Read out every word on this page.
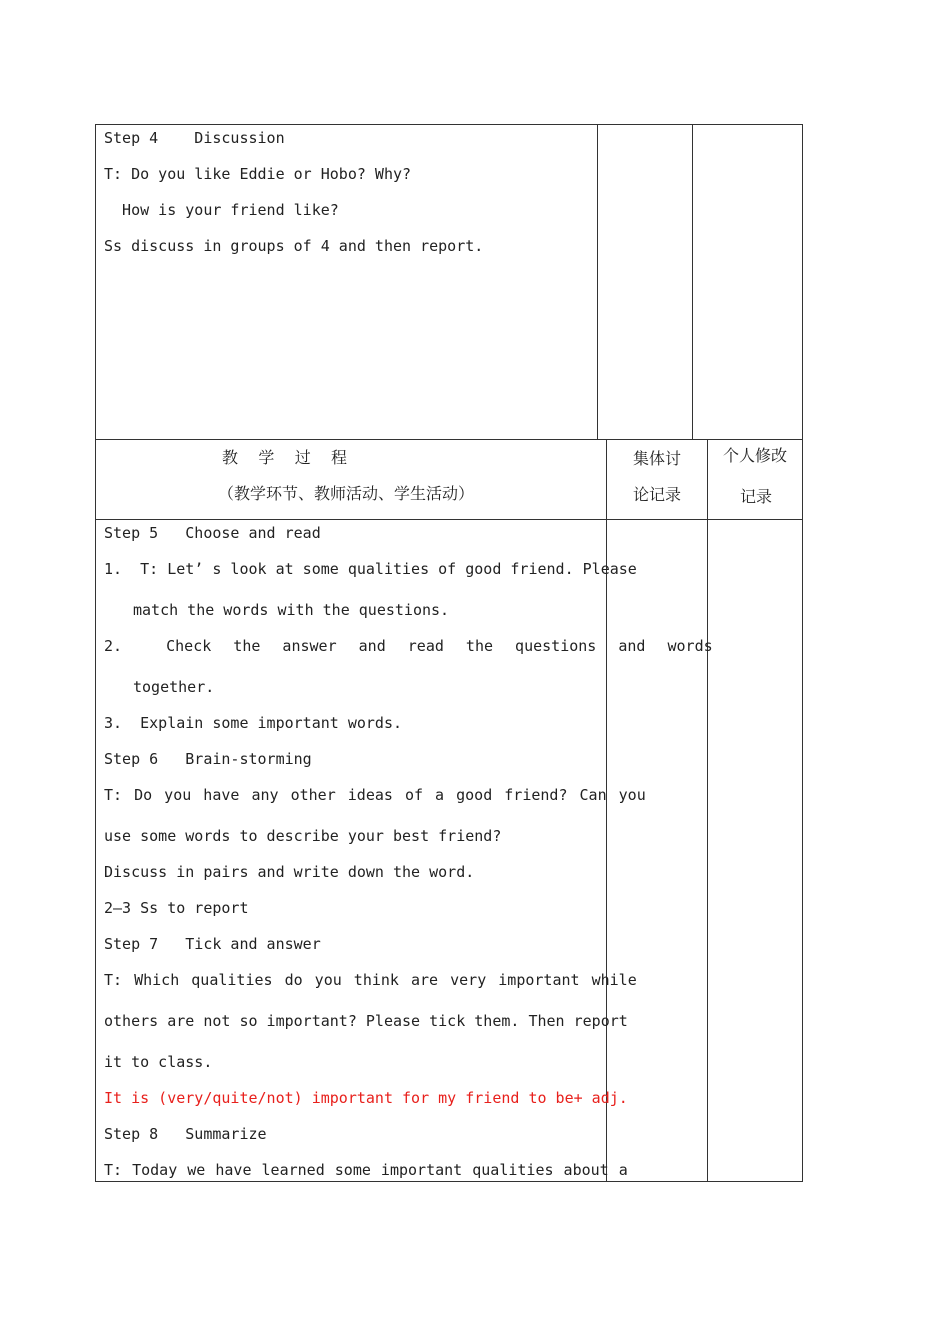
Step 4    Discussion
T: Do you like Eddie or Hobo? Why?
How is your friend like?
Ss discuss in groups of 4 and then report.
教    学    过    程
（教学环节、教师活动、学生活动）
集体讨
论记录
个人修改
记录
Step 5   Choose and read
1.  T: Let’ s look at some qualities of good friend. Please
match the words with the questions.
2.  Check the answer and read the questions and words
together.
3.  Explain some important words.
Step 6   Brain-storming
T: Do you have any other ideas of a good friend? Can you
use some words to describe your best friend?
Discuss in pairs and write down the word.
2—3 Ss to report
Step 7   Tick and answer
T: Which qualities do you think are very important while
others are not so important? Please tick them. Then report
it to class.
It is (very/quite/not) important for my friend to be+ adj.
Step 8   Summarize
T: Today we have learned some important qualities about a
